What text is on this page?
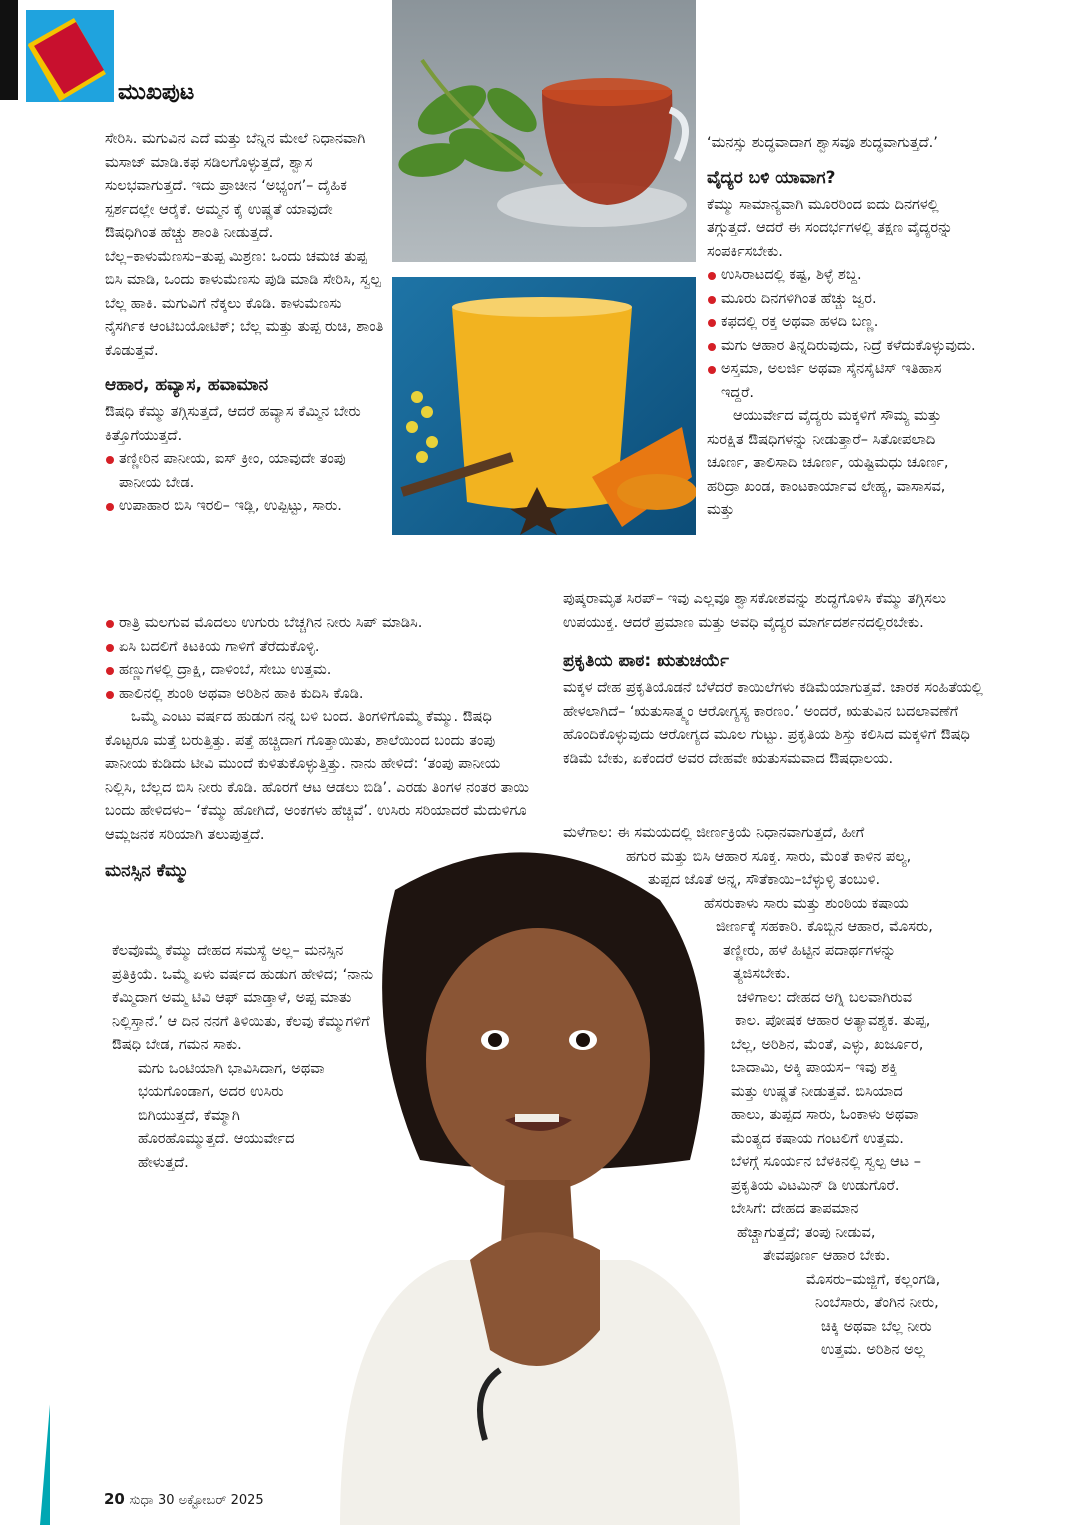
ಮುಖಪುಟ

ಸೇರಿಸಿ. ಮಗುವಿನ ಎದೆ ಮತ್ತು ಬೆನ್ನಿನ ಮೇಲೆ ನಿಧಾನವಾಗಿ ಮಸಾಜ್ ಮಾಡಿ.ಕಫ ಸಡಿಲಗೊಳ್ಳುತ್ತದೆ, ಶ್ವಾಸ ಸುಲಭವಾಗುತ್ತದೆ. ಇದು ಪ್ರಾಚೀನ ‘ಅಭ್ಯಂಗ’– ದೈಹಿಕ ಸ್ಪರ್ಶದಲ್ಲೇ ಆರೈಕೆ. ಅಮ್ಮನ ಕೈ ಉಷ್ಣತೆ ಯಾವುದೇ ಔಷಧಿಗಿಂತ ಹೆಚ್ಚು ಶಾಂತಿ ನೀಡುತ್ತದೆ.

ಬೆಲ್ಲ–ಕಾಳುಮೆಣಸು–ತುಪ್ಪ ಮಿಶ್ರಣ: ಒಂದು ಚಮಚ ತುಪ್ಪ ಬಿಸಿ ಮಾಡಿ, ಒಂದು ಕಾಳುಮೆಣಸು ಪುಡಿ ಮಾಡಿ ಸೇರಿಸಿ, ಸ್ವಲ್ಪ ಬೆಲ್ಲ ಹಾಕಿ. ಮಗುವಿಗೆ ನೆಕ್ಕಲು ಕೊಡಿ. ಕಾಳುಮೆಣಸು ನೈಸರ್ಗಿಕ ಆಂಟಿಬಯೋಟಿಕ್; ಬೆಲ್ಲ ಮತ್ತು ತುಪ್ಪ ರುಚಿ, ಶಾಂತಿ ಕೊಡುತ್ತವೆ.

ಆಹಾರ, ಹವ್ಯಾಸ, ಹವಾಮಾನ

ಔಷಧಿ ಕೆಮ್ಮು ತಗ್ಗಿಸುತ್ತದೆ, ಆದರೆ ಹವ್ಯಾಸ ಕೆಮ್ಮಿನ ಬೇರು ಕಿತ್ತೊಗೆಯುತ್ತದೆ.

ತಣ್ಣೀರಿನ ಪಾನೀಯ, ಐಸ್ ಕ್ರೀಂ, ಯಾವುದೇ ತಂಪು ಪಾನೀಯ ಬೇಡ.

ಉಪಾಹಾರ ಬಿಸಿ ಇರಲಿ– ಇಡ್ಲಿ, ಉಪ್ಪಿಟ್ಟು, ಸಾರು.

ರಾತ್ರಿ ಮಲಗುವ ಮೊದಲು ಉಗುರು ಬೆಚ್ಚಗಿನ ನೀರು ಸಿಪ್ ಮಾಡಿಸಿ.

ಏಸಿ ಬದಲಿಗೆ ಕಿಟಕಿಯ ಗಾಳಿಗೆ ತೆರೆದುಕೊಳ್ಳಿ.

ಹಣ್ಣುಗಳಲ್ಲಿ ದ್ರಾಕ್ಷಿ, ದಾಳಿಂಬೆ, ಸೇಬು ಉತ್ತಮ.

ಹಾಲಿನಲ್ಲಿ ಶುಂಠಿ ಅಥವಾ ಅರಿಶಿನ ಹಾಕಿ ಕುದಿಸಿ ಕೊಡಿ.

ಒಮ್ಮೆ ಎಂಟು ವರ್ಷದ ಹುಡುಗ ನನ್ನ ಬಳಿ ಬಂದ. ತಿಂಗಳಿಗೊಮ್ಮೆ ಕೆಮ್ಮು. ಔಷಧಿ ಕೊಟ್ಟರೂ ಮತ್ತೆ ಬರುತ್ತಿತ್ತು. ಪತ್ತೆ ಹಚ್ಚಿದಾಗ ಗೊತ್ತಾಯಿತು, ಶಾಲೆಯಿಂದ ಬಂದು ತಂಪು ಪಾನೀಯ ಕುಡಿದು ಟೀವಿ ಮುಂದೆ ಕುಳಿತುಕೊಳ್ಳುತ್ತಿತ್ತು. ನಾನು ಹೇಳಿದೆ: ‘ತಂಪು ಪಾನೀಯ ನಿಲ್ಲಿಸಿ, ಬೆಲ್ಲದ ಬಿಸಿ ನೀರು ಕೊಡಿ. ಹೊರಗೆ ಆಟ ಆಡಲು ಬಿಡಿ’. ಎರಡು ತಿಂಗಳ ನಂತರ ತಾಯಿ ಬಂದು ಹೇಳಿದಳು– ‘ಕೆಮ್ಮು ಹೋಗಿದೆ, ಅಂಕಗಳು ಹೆಚ್ಚಿವೆ’. ಉಸಿರು ಸರಿಯಾದರೆ ಮೆದುಳಿಗೂ ಆಮ್ಲಜನಕ ಸರಿಯಾಗಿ ತಲುಪುತ್ತದೆ.

ಮನಸ್ಸಿನ ಕೆಮ್ಮು

ಕೆಲವೊಮ್ಮೆ ಕೆಮ್ಮು ದೇಹದ ಸಮಸ್ಯೆ ಅಲ್ಲ– ಮನಸ್ಸಿನ ಪ್ರತಿಕ್ರಿಯೆ. ಒಮ್ಮೆ ಏಳು ವರ್ಷದ ಹುಡುಗ ಹೇಳಿದ; ‘ನಾನು ಕೆಮ್ಮಿದಾಗ ಅಮ್ಮ ಟಿವಿ ಆಫ್ ಮಾಡ್ತಾಳೆ, ಅಪ್ಪ ಮಾತು ನಿಲ್ಲಿಸ್ತಾನೆ.’ ಆ ದಿನ ನನಗೆ ತಿಳಿಯಿತು, ಕೆಲವು ಕೆಮ್ಮುಗಳಿಗೆ ಔಷಧಿ ಬೇಡ, ಗಮನ ಸಾಕು.

ಮಗು ಒಂಟಿಯಾಗಿ ಭಾವಿಸಿದಾಗ, ಅಥವಾ ಭಯಗೊಂಡಾಗ, ಅದರ ಉಸಿರು ಬಿಗಿಯುತ್ತದೆ, ಕೆಮ್ಮಾಗಿ ಹೊರಹೊಮ್ಮುತ್ತದೆ. ಆಯುರ್ವೇದ ಹೇಳುತ್ತದೆ.

‘ಮನಸ್ಸು ಶುದ್ಧವಾದಾಗ ಶ್ವಾಸವೂ ಶುದ್ಧವಾಗುತ್ತದೆ.’

ವೈದ್ಯರ ಬಳಿ ಯಾವಾಗ?

ಕೆಮ್ಮು ಸಾಮಾನ್ಯವಾಗಿ ಮೂರರಿಂದ ಐದು ದಿನಗಳಲ್ಲಿ ತಗ್ಗುತ್ತದೆ. ಆದರೆ ಈ ಸಂದರ್ಭಗಳಲ್ಲಿ ತಕ್ಷಣ ವೈದ್ಯರನ್ನು ಸಂಪರ್ಕಿಸಬೇಕು.

ಉಸಿರಾಟದಲ್ಲಿ ಕಷ್ಟ, ಶಿಳ್ಳೆ ಶಬ್ದ.

ಮೂರು ದಿನಗಳಿಗಿಂತ ಹೆಚ್ಚು ಜ್ವರ.

ಕಫದಲ್ಲಿ ರಕ್ತ ಅಥವಾ ಹಳದಿ ಬಣ್ಣ.

ಮಗು ಆಹಾರ ತಿನ್ನದಿರುವುದು, ನಿದ್ರೆ ಕಳೆದುಕೊಳ್ಳುವುದು.

ಅಸ್ತಮಾ, ಅಲರ್ಜಿ ಅಥವಾ ಸೈನಸೈಟಿಸ್ ಇತಿಹಾಸ ಇದ್ದರೆ.

ಆಯುರ್ವೇದ ವೈದ್ಯರು ಮಕ್ಕಳಿಗೆ ಸೌಮ್ಯ ಮತ್ತು ಸುರಕ್ಷಿತ ಔಷಧಿಗಳನ್ನು ನೀಡುತ್ತಾರೆ– ಸಿತೋಪಲಾದಿ ಚೂರ್ಣ, ತಾಲಿಸಾದಿ ಚೂರ್ಣ, ಯಷ್ಟಿಮಧು ಚೂರ್ಣ, ಹರಿದ್ರಾ ಖಂಡ, ಕಾಂಟಕಾರ್ಯಾವ ಲೇಹ್ಯ, ವಾಸಾಸವ, ಮತ್ತು

ಪುಷ್ಕರಾಮೃತ ಸಿರಪ್– ಇವು ಎಲ್ಲವೂ ಶ್ವಾಸಕೋಶವನ್ನು ಶುದ್ಧಗೊಳಿಸಿ ಕೆಮ್ಮು ತಗ್ಗಿಸಲು ಉಪಯುಕ್ತ. ಆದರೆ ಪ್ರಮಾಣ ಮತ್ತು ಅವಧಿ ವೈದ್ಯರ ಮಾರ್ಗದರ್ಶನದಲ್ಲಿರಬೇಕು.

ಪ್ರಕೃತಿಯ ಪಾಠ: ಋತುಚರ್ಯೆ

ಮಕ್ಕಳ ದೇಹ ಪ್ರಕೃತಿಯೊಡನೆ ಬೆಳೆದರೆ ಕಾಯಿಲೆಗಳು ಕಡಿಮೆಯಾಗುತ್ತವೆ. ಚಾರಕ ಸಂಹಿತೆಯಲ್ಲಿ ಹೇಳಲಾಗಿದೆ– ‘ಋತುಸಾತ್ಮ್ಯಂ ಆರೋಗ್ಯಸ್ಯ ಕಾರಣಂ.’ ಅಂದರೆ, ಋತುವಿನ ಬದಲಾವಣೆಗೆ ಹೊಂದಿಕೊಳ್ಳುವುದು ಆರೋಗ್ಯದ ಮೂಲ ಗುಟ್ಟು. ಪ್ರಕೃತಿಯ ಶಿಸ್ತು ಕಲಿಸಿದ ಮಕ್ಕಳಿಗೆ ಔಷಧಿ ಕಡಿಮೆ ಬೇಕು, ಏಕೆಂದರೆ ಅವರ ದೇಹವೇ ಋತುಸಮವಾದ ಔಷಧಾಲಯ.

ಮಳೆಗಾಲ: ಈ ಸಮಯದಲ್ಲಿ ಜೀರ್ಣಕ್ರಿಯೆ ನಿಧಾನವಾಗುತ್ತದೆ, ಹೀಗೆ

ಹಗುರ ಮತ್ತು ಬಿಸಿ ಆಹಾರ ಸೂಕ್ತ. ಸಾರು, ಮೆಂತೆ ಕಾಳಿನ ಪಲ್ಯ,

ತುಪ್ಪದ ಜೊತೆ ಅನ್ನ, ಸೌತೆಕಾಯಿ–ಬೆಳ್ಳುಳ್ಳಿ ತಂಬುಳಿ.

ಹೆಸರುಕಾಳು ಸಾರು ಮತ್ತು ಶುಂಠಿಯ ಕಷಾಯ

ಜೀರ್ಣಕ್ಕೆ ಸಹಕಾರಿ. ಕೊಬ್ಬಿನ ಆಹಾರ, ಮೊಸರು,

ತಣ್ಣೀರು, ಹಳೆ ಹಿಟ್ಟಿನ ಪದಾರ್ಥಗಳನ್ನು

ತ್ಯಜಿಸಬೇಕು.

ಚಳಿಗಾಲ: ದೇಹದ ಅಗ್ನಿ ಬಲವಾಗಿರುವ

ಕಾಲ. ಪೋಷಕ ಆಹಾರ ಅತ್ಯಾವಶ್ಯಕ. ತುಪ್ಪ,

ಬೆಲ್ಲ, ಅರಿಶಿನ, ಮೆಂತೆ, ಎಳ್ಳು, ಖರ್ಜೂರ,

ಬಾದಾಮಿ, ಅಕ್ಕಿ ಪಾಯಸ– ಇವು ಶಕ್ತಿ

ಮತ್ತು ಉಷ್ಣತೆ ನೀಡುತ್ತವೆ. ಬಿಸಿಯಾದ

ಹಾಲು, ತುಪ್ಪದ ಸಾರು, ಓಂಕಾಳು ಅಥವಾ

ಮೆಂತ್ಯದ ಕಷಾಯ ಗಂಟಲಿಗೆ ಉತ್ತಮ.

ಬೆಳಗ್ಗೆ ಸೂರ್ಯನ ಬೆಳಕಿನಲ್ಲಿ ಸ್ವಲ್ಪ ಆಟ –

ಪ್ರಕೃತಿಯ ವಿಟಮಿನ್ ಡಿ ಉಡುಗೊರೆ.

ಬೇಸಿಗೆ: ದೇಹದ ತಾಪಮಾನ

ಹೆಚ್ಚಾಗುತ್ತದೆ; ತಂಪು ನೀಡುವ,

ತೇವಪೂರ್ಣ ಆಹಾರ ಬೇಕು.

ಮೊಸರು–ಮಜ್ಜಿಗೆ, ಕಲ್ಲಂಗಡಿ,

ನಿಂಬೆಸಾರು, ತೆಂಗಿನ ನೀರು,

ಚಿಕ್ಕಿ ಅಥವಾ ಬೆಲ್ಲ ನೀರು

ಉತ್ತಮ. ಅರಿಶಿನ ಅಲ್ಲ

20 ಸುಧಾ 30 ಅಕ್ಟೋಬರ್ 2025
